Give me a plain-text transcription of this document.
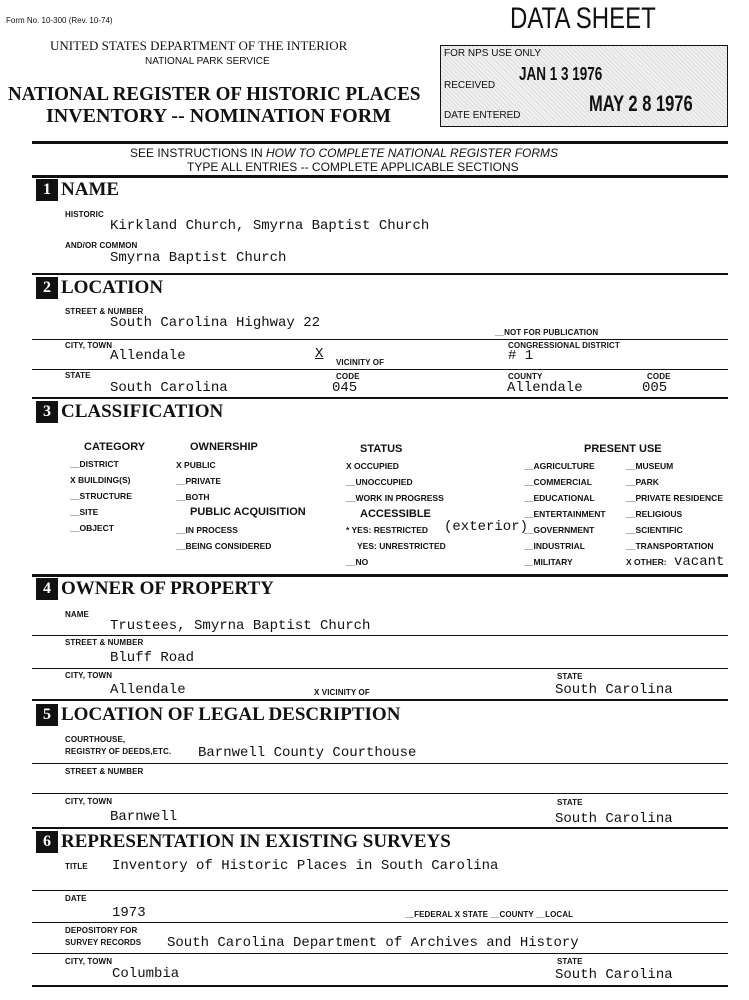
Form No. 10-300 (Rev. 10-74)	DATA SHEET
UNITED STATES DEPARTMENT OF THE INTERIOR
NATIONAL PARK SERVICE
NATIONAL REGISTER OF HISTORIC PLACES
INVENTORY -- NOMINATION FORM
FOR NPS USE ONLY
JAN 1 3 1976
RECEIVED
MAY 2 8 1976
DATE ENTERED
SEE INSTRUCTIONS IN HOW TO COMPLETE NATIONAL REGISTER FORMS
TYPE ALL ENTRIES -- COMPLETE APPLICABLE SECTIONS
1 NAME
HISTORIC
Kirkland Church, Smyrna Baptist Church
AND/OR COMMON
Smyrna Baptist Church
2 LOCATION
STREET & NUMBER
South Carolina Highway 22
__NOT FOR PUBLICATION
CITY, TOWN
Allendale	X
VICINITY OF
CONGRESSIONAL DISTRICT
# 1
STATE
South Carolina
CODE
045
COUNTY
Allendale
CODE
005
3 CLASSIFICATION
CATEGORY
__DISTRICT
X BUILDING(S)
__STRUCTURE
__SITE
__OBJECT
OWNERSHIP
X PUBLIC
__PRIVATE
__BOTH
PUBLIC ACQUISITION
__IN PROCESS
__BEING CONSIDERED
STATUS
X OCCUPIED
__UNOCCUPIED
__WORK IN PROGRESS
ACCESSIBLE
* YES: RESTRICTED (exterior)
YES: UNRESTRICTED
__NO
PRESENT USE
__AGRICULTURE
__COMMERCIAL
__EDUCATIONAL
__ENTERTAINMENT
__GOVERNMENT
__INDUSTRIAL
__MILITARY
__MUSEUM
__PARK
__PRIVATE RESIDENCE
__RELIGIOUS
__SCIENTIFIC
__TRANSPORTATION
X OTHER: vacant
4 OWNER OF PROPERTY
NAME
Trustees, Smyrna Baptist Church
STREET & NUMBER
Bluff Road
CITY, TOWN
Allendale	X VICINITY OF
STATE
South Carolina
5 LOCATION OF LEGAL DESCRIPTION
COURTHOUSE,
REGISTRY OF DEEDS,ETC. Barnwell County Courthouse
STREET & NUMBER
CITY, TOWN
Barnwell
STATE
South Carolina
6 REPRESENTATION IN EXISTING SURVEYS
TITLE Inventory of Historic Places in South Carolina
DATE
1973	__FEDERAL X STATE __COUNTY __LOCAL
DEPOSITORY FOR
SURVEY RECORDS South Carolina Department of Archives and History
CITY, TOWN
Columbia
STATE
South Carolina
